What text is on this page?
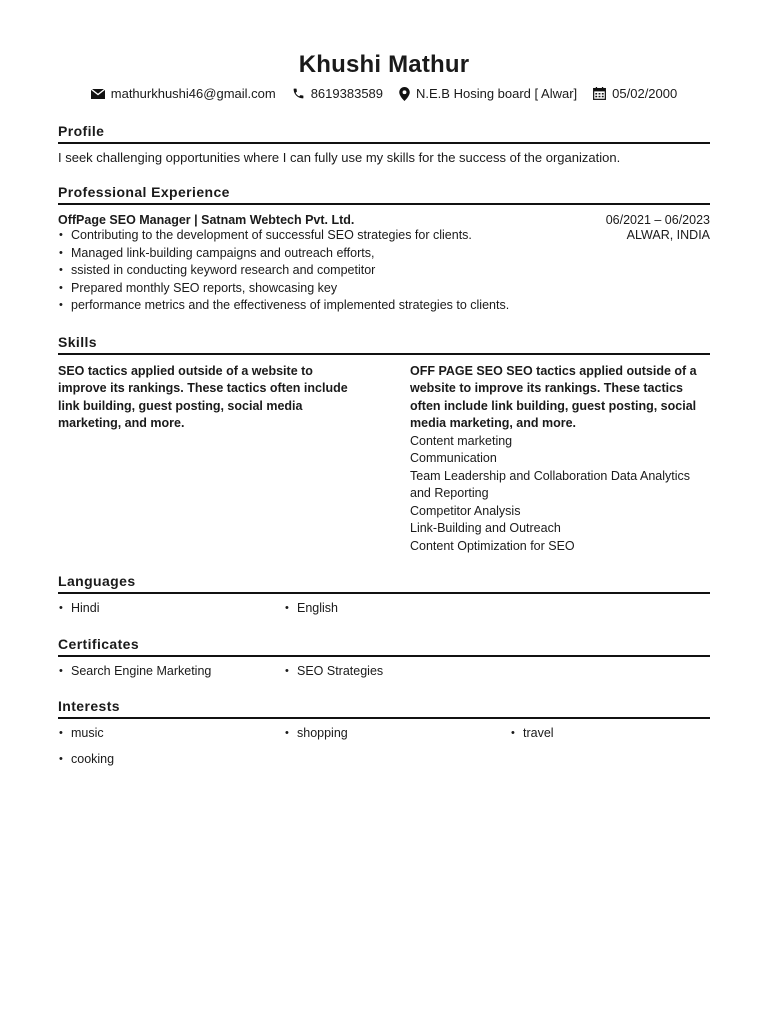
Khushi Mathur
mathurkhushi46@gmail.com	8619383589	N.E.B Hosing board [ Alwar]	05/02/2000
Profile
I seek challenging opportunities where I can fully use my skills for the success of the organization.
Professional Experience
OffPage SEO Manager | Satnam Webtech Pvt. Ltd.	06/2021 – 06/2023
• Contributing to the development of successful SEO strategies for clients.
• Managed link-building campaigns and outreach efforts,
• ssisted in conducting keyword research and competitor
• Prepared monthly SEO reports, showcasing key
• performance metrics and the effectiveness of implemented strategies to clients.
ALWAR, INDIA
Skills
SEO tactics applied outside of a website to improve its rankings. These tactics often include link building, guest posting, social media marketing, and more.
OFF PAGE SEO SEO tactics applied outside of a website to improve its rankings. These tactics often include link building, guest posting, social media marketing, and more.
Content marketing
Communication
Team Leadership and Collaboration Data Analytics and Reporting
Competitor Analysis
Link-Building and Outreach
Content Optimization for SEO
Languages
• Hindi	• English
Certificates
• Search Engine Marketing	• SEO Strategies
Interests
• music	• shopping	• travel
• cooking
